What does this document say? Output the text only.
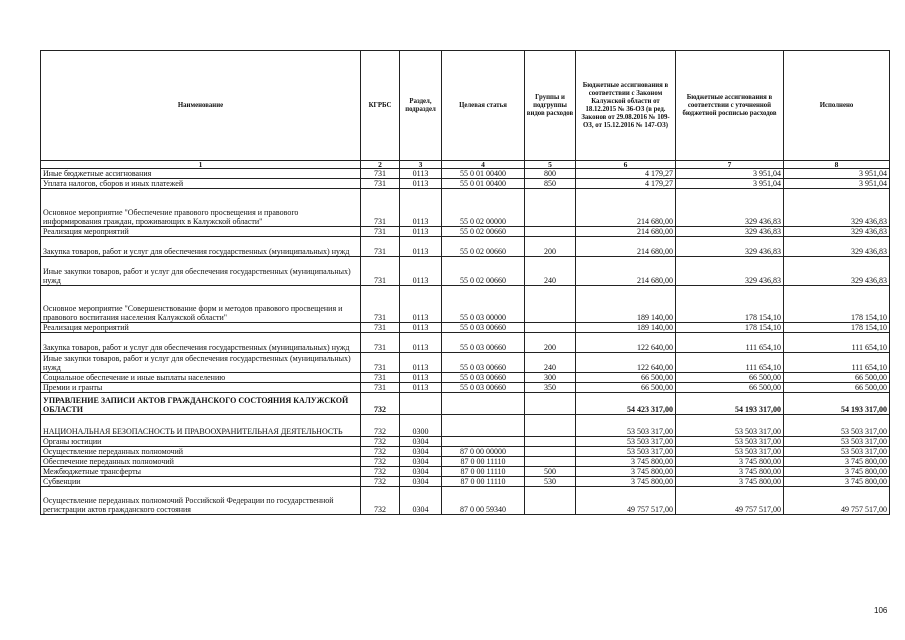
Наименование	КГРБС	Раздел, подраздел	Целевая статья	Группы и подгруппы видов расходов	Бюджетные ассигнования в соответствии с Законом Калужской области от 18.12.2015 № 36-ОЗ (в ред. Законов от 29.08.2016 № 109-ОЗ, от 15.12.2016 № 147-ОЗ)	Бюджетные ассигнования в соответствии с уточненной бюджетной росписью расходов	Исполнено
1	2	3	4	5	6	7	8
Иные бюджетные ассигнования	731	0113	55 0 01 00400	800	4 179,27	3 951,04	3 951,04
Уплата налогов, сборов и иных платежей	731	0113	55 0 01 00400	850	4 179,27	3 951,04	3 951,04
Основное мероприятие "Обеспечение правового просвещения и правового информирования граждан, проживающих в Калужской области"	731	0113	55 0 02 00000		214 680,00	329 436,83	329 436,83
Реализация мероприятий	731	0113	55 0 02 00660		214 680,00	329 436,83	329 436,83
Закупка товаров, работ и услуг для обеспечения государственных (муниципальных) нужд	731	0113	55 0 02 00660	200	214 680,00	329 436,83	329 436,83
Иные закупки товаров, работ и услуг для обеспечения государственных (муниципальных) нужд	731	0113	55 0 02 00660	240	214 680,00	329 436,83	329 436,83
Основное мероприятие "Совершенствование форм и методов правового просвещения и правового воспитания населения Калужской области"	731	0113	55 0 03 00000		189 140,00	178 154,10	178 154,10
Реализация мероприятий	731	0113	55 0 03 00660		189 140,00	178 154,10	178 154,10
Закупка товаров, работ и услуг для обеспечения государственных (муниципальных) нужд	731	0113	55 0 03 00660	200	122 640,00	111 654,10	111 654,10
Иные закупки товаров, работ и услуг для обеспечения государственных (муниципальных) нужд	731	0113	55 0 03 00660	240	122 640,00	111 654,10	111 654,10
Социальное обеспечение и иные выплаты населению	731	0113	55 0 03 00660	300	66 500,00	66 500,00	66 500,00
Премии и гранты	731	0113	55 0 03 00660	350	66 500,00	66 500,00	66 500,00
УПРАВЛЕНИЕ ЗАПИСИ АКТОВ ГРАЖДАНСКОГО СОСТОЯНИЯ КАЛУЖСКОЙ ОБЛАСТИ	732				54 423 317,00	54 193 317,00	54 193 317,00
НАЦИОНАЛЬНАЯ БЕЗОПАСНОСТЬ И ПРАВООХРАНИТЕЛЬНАЯ ДЕЯТЕЛЬНОСТЬ	732	0300			53 503 317,00	53 503 317,00	53 503 317,00
Органы юстиции	732	0304			53 503 317,00	53 503 317,00	53 503 317,00
Осуществление переданных полномочий	732	0304	87 0 00 00000		53 503 317,00	53 503 317,00	53 503 317,00
Обеспечение переданных полномочий	732	0304	87 0 00 11110		3 745 800,00	3 745 800,00	3 745 800,00
Межбюджетные трансферты	732	0304	87 0 00 11110	500	3 745 800,00	3 745 800,00	3 745 800,00
Субвенции	732	0304	87 0 00 11110	530	3 745 800,00	3 745 800,00	3 745 800,00
Осуществление переданных полномочий Российской Федерации по государственной регистрации актов гражданского состояния	732	0304	87 0 00 59340		49 757 517,00	49 757 517,00	49 757 517,00
106
